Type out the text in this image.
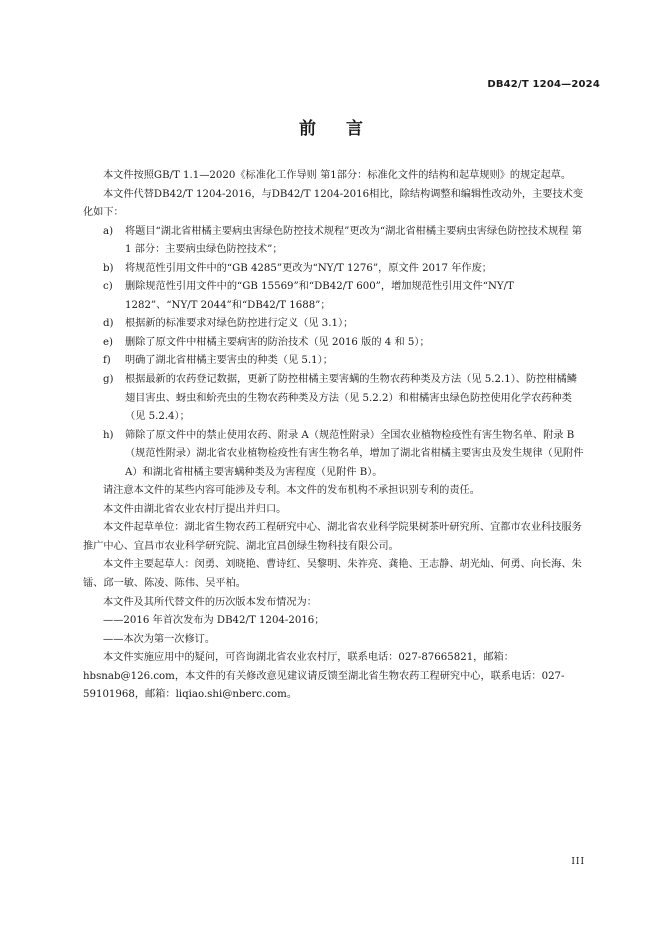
DB42/T 1204—2024
前言

本文件按照GB/T 1.1—2020《标准化工作导则 第1部分：标准化文件的结构和起草规则》的规定起草。

本文件代替DB42/T 1204-2016，与DB42/T 1204-2016相比，除结构调整和编辑性改动外，主要技术变化如下：

a)	将题目“湖北省柑橘主要病虫害绿色防控技术规程”更改为“湖北省柑橘主要病虫害绿色防控技术规程 第 1 部分：主要病虫绿色防控技术”；
b)	将规范性引用文件中的“GB 4285”更改为“NY/T 1276”，原文件 2017 年作废；
c)	删除规范性引用文件中的“GB 15569”和“DB42/T 600”，增加规范性引用文件“NY/T 1282”、“NY/T 2044”和“DB42/T 1688”；
d)	根据新的标准要求对绿色防控进行定义（见 3.1）；
e)	删除了原文件中柑橘主要病害的防治技术（见 2016 版的 4 和 5）；
f)	明确了湖北省柑橘主要害虫的种类（见 5.1）；
g)	根据最新的农药登记数据，更新了防控柑橘主要害螨的生物农药种类及方法（见 5.2.1）、防控柑橘鳞翅目害虫、蚜虫和蚧壳虫的生物农药种类及方法（见 5.2.2）和柑橘害虫绿色防控使用化学农药种类（见 5.2.4）；
h)	筛除了原文件中的禁止使用农药、附录 A（规范性附录）全国农业植物检疫性有害生物名单、附录 B（规范性附录）湖北省农业植物检疫性有害生物名单，增加了湖北省柑橘主要害虫及发生规律（见附件 A）和湖北省柑橘主要害螨种类及为害程度（见附件 B）。

请注意本文件的某些内容可能涉及专利。本文件的发布机构不承担识别专利的责任。

本文件由湖北省农业农村厅提出并归口。

本文件起草单位：湖北省生物农药工程研究中心、湖北省农业科学院果树茶叶研究所、宜都市农业科技服务推广中心、宜昌市农业科学研究院、湖北宜昌创绿生物科技有限公司。

本文件主要起草人：闵勇、刘晓艳、曹诗红、吴黎明、朱祚亮、龚艳、王志静、胡光灿、何勇、向长海、朱镭、邱一敏、陈凌、陈伟、吴平柏。

本文件及其所代替文件的历次版本发布情况为：

——2016 年首次发布为 DB42/T 1204-2016；

——本次为第一次修订。

本文件实施应用中的疑问，可咨询湖北省农业农村厅，联系电话：027-87665821，邮箱：hbsnab@126.com，本文件的有关修改意见建议请反馈至湖北省生物农药工程研究中心，联系电话：027-59101968，邮箱：liqiao.shi@nberc.com。

III
